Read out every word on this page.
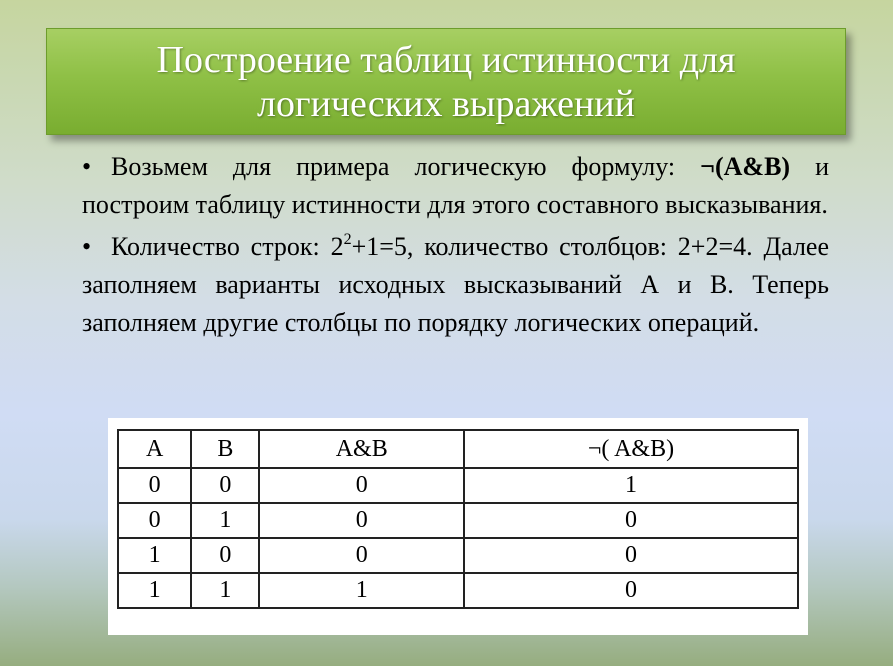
Построение таблиц истинности для логических выражений

• Возьмем для примера логическую формулу: ¬(A&B) и построим таблицу истинности для этого составного высказывания.

• Количество строк: $2^2+1=5$, количество столбцов: 2+2=4. Далее заполняем варианты исходных высказываний А и В. Теперь заполняем другие столбцы по порядку логических операций.

A	B	A&B	¬( A&B)
0	0	0	1
0	1	0	0
1	0	0	0
1	1	1	0
